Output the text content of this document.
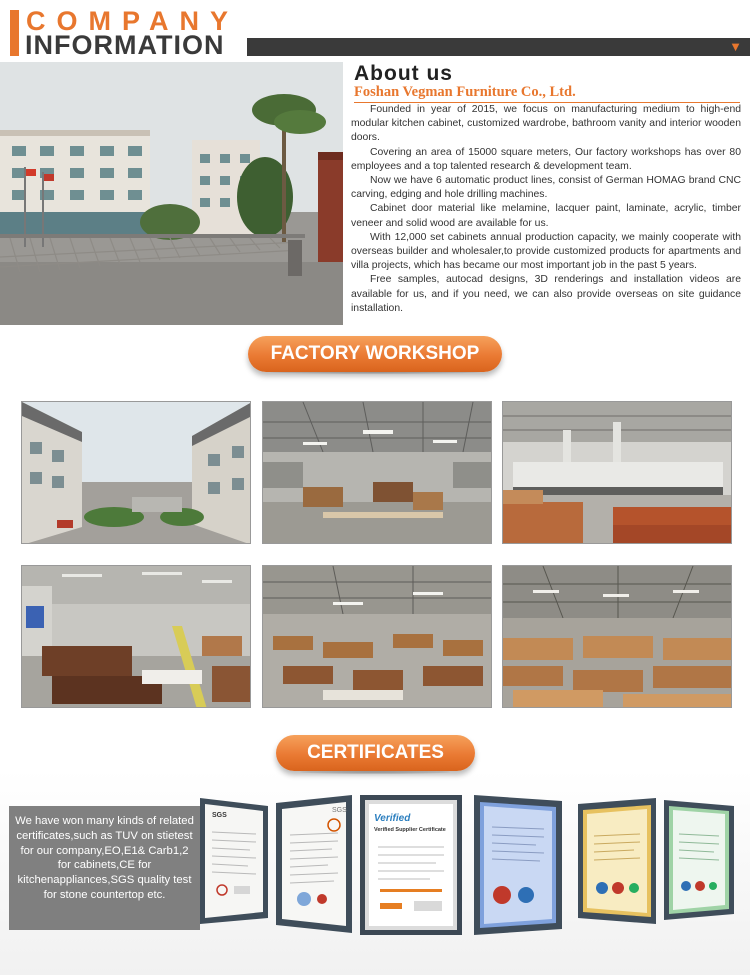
COMPANY
INFORMATION	▼
About us
Foshan Vegman Furniture Co., Ltd.

Founded in year of 2015, we focus on manufacturing medium to high-end modular kitchen cabinet, customized wardrobe, bathroom vanity and interior wooden doors.

Covering an area of 15000 square meters, Our factory workshops has over 80 employees and a top talented research & development team.

Now we have 6 automatic product lines, consist of German HOMAG brand CNC carving, edging and hole drilling machines.

Cabinet door material like melamine, lacquer paint, laminate, acrylic, timber veneer and solid wood are available for us.

With 12,000 set cabinets annual production capacity, we mainly cooperate with overseas builder and wholesaler,to provide customized products for apartments and villa projects, which has became our most important job in the past 5 years.

Free samples, autocad designs, 3D renderings and installation videos are available for us, and if you need, we can also provide overseas on site guidance installation.

FACTORY WORKSHOP
CERTIFICATES
We have won many kinds of related certificates,such as TUV on stietest for our company,EO,E1& Carb1,2 for cabinets,CE for kitchenappliances,SGS quality test for stone countertop etc.
SGS
SGS
Verified
Verified Supplier Certificate
